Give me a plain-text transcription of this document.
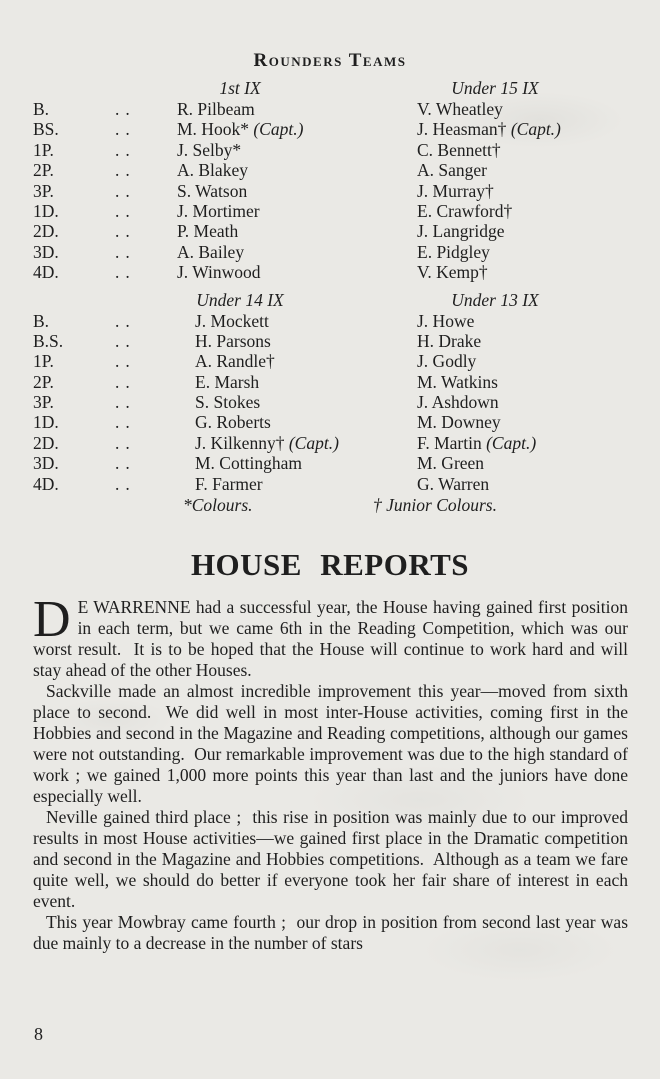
Rounders Teams
1st IX	Under 15 IX
B.	..	R. Pilbeam	V. Wheatley
BS.	..	M. Hook* (Capt.)	J. Heasman† (Capt.)
1P.	..	J. Selby*	C. Bennett†
2P.	..	A. Blakey	A. Sanger
3P.	..	S. Watson	J. Murray†
1D.	..	J. Mortimer	E. Crawford†
2D.	..	P. Meath	J. Langridge
3D.	..	A. Bailey	E. Pidgley
4D.	..	J. Winwood	V. Kemp†
Under 14 IX	Under 13 IX
B.	..	J. Mockett	J. Howe
B.S.	..	H. Parsons	H. Drake
1P.	..	A. Randle†	J. Godly
2P.	..	E. Marsh	M. Watkins
3P.	..	S. Stokes	J. Ashdown
1D.	..	G. Roberts	M. Downey
2D.	..	J. Kilkenny† (Capt.)	F. Martin (Capt.)
3D.	..	M. Cottingham	M. Green
4D.	..	F. Farmer	G. Warren
*Colours.	† Junior Colours.
HOUSE REPORTS

D E WARRENNE had a successful year, the House having gained first position in each term, but we came 6th in the Reading Competition, which was our worst result.  It is to be hoped that the House will continue to work hard and will stay ahead of the other Houses.

Sackville made an almost incredible improvement this year—moved from sixth place to second.  We did well in most inter-House activities, coming first in the Hobbies and second in the Magazine and Reading competitions, although our games were not outstanding.  Our remarkable improvement was due to the high standard of work ; we gained 1,000 more points this year than last and the juniors have done especially well.

Neville gained third place ;  this rise in position was mainly due to our improved results in most House activities—we gained first place in the Dramatic competition and second in the Magazine and Hobbies competitions.  Although as a team we fare quite well, we should do better if everyone took her fair share of interest in each event.

This year Mowbray came fourth ;  our drop in position from second last year was due mainly to a decrease in the number of stars

8
